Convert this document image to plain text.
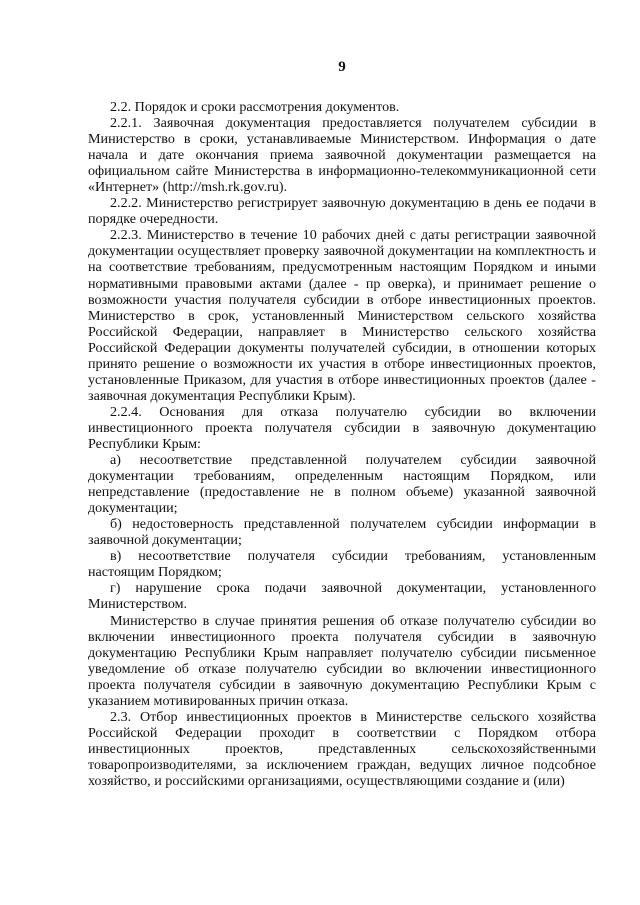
9

2.2. Порядок и сроки рассмотрения документов.

2.2.1. Заявочная документация предоставляется получателем субсидии в Министерство в сроки, устанавливаемые Министерством. Информация о дате начала и дате окончания приема заявочной документации размещается на официальном сайте Министерства в информационно-телекоммуникационной сети «Интернет» (http://msh.rk.gov.ru).

2.2.2. Министерство регистрирует заявочную документацию в день ее подачи в порядке очередности.

2.2.3. Министерство в течение 10 рабочих дней с даты регистрации заявочной документации осуществляет проверку заявочной документации на комплектность и на соответствие требованиям, предусмотренным настоящим Порядком и иными нормативными правовыми актами (далее - пр оверка), и принимает решение о возможности участия получателя субсидии в отборе инвестиционных проектов. Министерство в срок, установленный Министерством сельского хозяйства Российской Федерации, направляет в Министерство сельского хозяйства Российской Федерации документы получателей субсидии, в отношении которых принято решение о возможности их участия в отборе инвестиционных проектов, установленные Приказом, для участия в отборе инвестиционных проектов (далее - заявочная документация Республики Крым).

2.2.4. Основания для отказа получателю субсидии во включении инвестиционного проекта получателя субсидии в заявочную документацию Республики Крым:

а) несоответствие представленной получателем субсидии заявочной документации требованиям, определенным настоящим Порядком, или непредставление (предоставление не в полном объеме) указанной заявочной документации;

б) недостоверность представленной получателем субсидии информации в заявочной документации;

в) несоответствие получателя субсидии требованиям, установленным настоящим Порядком;

г) нарушение срока подачи заявочной документации, установленного Министерством.

Министерство в случае принятия решения об отказе получателю субсидии во включении инвестиционного проекта получателя субсидии в заявочную документацию Республики Крым направляет получателю субсидии письменное уведомление об отказе получателю субсидии во включении инвестиционного проекта получателя субсидии в заявочную документацию Республики Крым с указанием мотивированных причин отказа.

2.3. Отбор инвестиционных проектов в Министерстве сельского хозяйства Российской Федерации проходит в соответствии с Порядком отбора инвестиционных проектов, представленных сельскохозяйственными товаропроизводителями, за исключением граждан, ведущих личное подсобное хозяйство, и российскими организациями, осуществляющими создание и (или)
